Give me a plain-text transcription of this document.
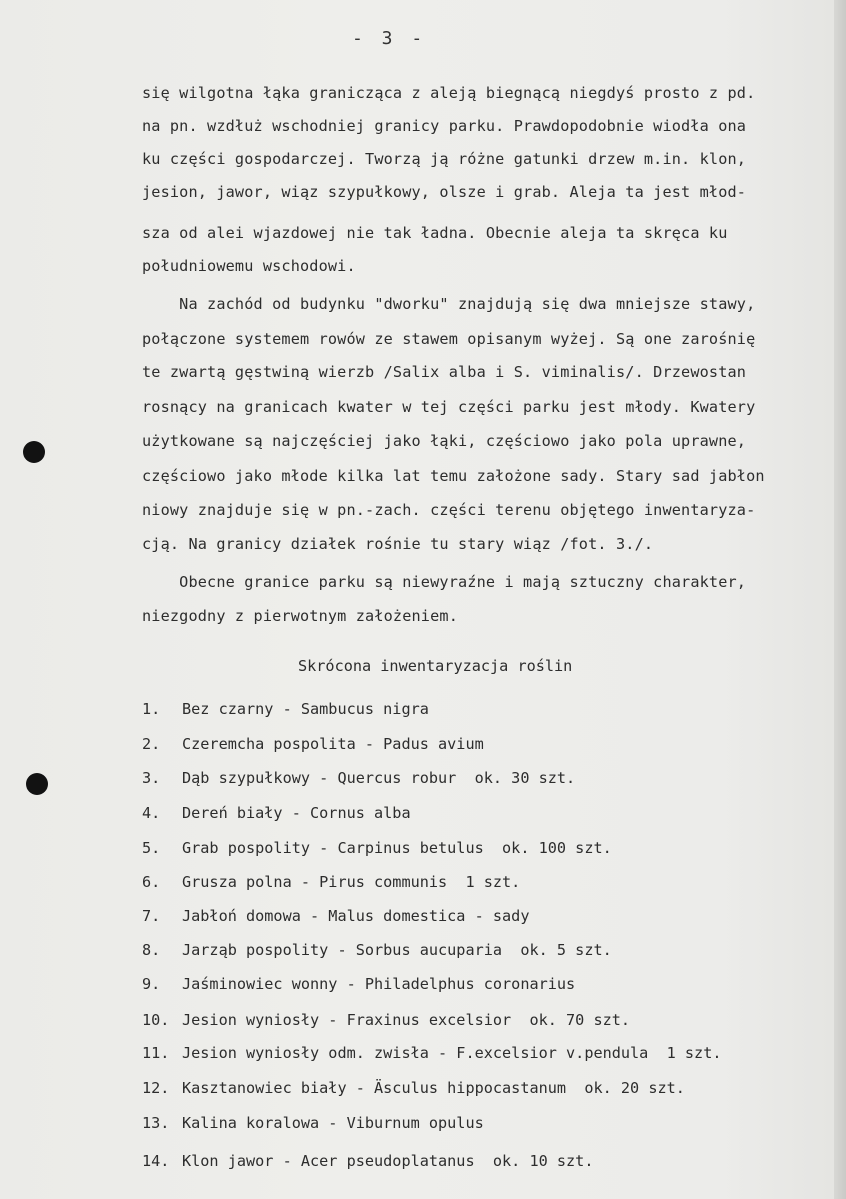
- 3 -
się wilgotna łąka granicząca z aleją biegnącą niegdyś prosto z pd.
na pn. wzdłuż wschodniej granicy parku. Prawdopodobnie wiodła ona
ku części gospodarczej. Tworzą ją różne gatunki drzew m.in. klon,
jesion, jawor, wiąz szypułkowy, olsze i grab. Aleja ta jest młod-
sza od alei wjazdowej nie tak ładna. Obecnie aleja ta skręca ku
południowemu wschodowi.
Na zachód od budynku "dworku" znajdują się dwa mniejsze stawy,
połączone systemem rowów ze stawem opisanym wyżej. Są one zarośnię
te zwartą gęstwiną wierzb /Salix alba i S. viminalis/. Drzewostan
rosnący na granicach kwater w tej części parku jest młody. Kwatery
użytkowane są najczęściej jako łąki, częściowo jako pola uprawne,
częściowo jako młode kilka lat temu założone sady. Stary sad jabłon
niowy znajduje się w pn.-zach. części terenu objętego inwentaryza-
cją. Na granicy działek rośnie tu stary wiąz /fot. 3./.
Obecne granice parku są niewyraźne i mają sztuczny charakter,
niezgodny z pierwotnym założeniem.
Skrócona inwentaryzacja roślin
1. Bez czarny - Sambucus nigra
2. Czeremcha pospolita - Padus avium
3. Dąb szypułkowy - Quercus robur  ok. 30 szt.
4. Dereń biały - Cornus alba
5. Grab pospolity - Carpinus betulus  ok. 100 szt.
6. Grusza polna - Pirus communis  1 szt.
7. Jabłoń domowa - Malus domestica - sady
8. Jarząb pospolity - Sorbus aucuparia  ok. 5 szt.
9. Jaśminowiec wonny - Philadelphus coronarius
10. Jesion wyniosły - Fraxinus excelsior  ok. 70 szt.
11. Jesion wyniosły odm. zwisła - F.excelsior v.pendula  1 szt.
12. Kasztanowiec biały - Äsculus hippocastanum  ok. 20 szt.
13. Kalina koralowa - Viburnum opulus
14. Klon jawor - Acer pseudoplatanus  ok. 10 szt.
